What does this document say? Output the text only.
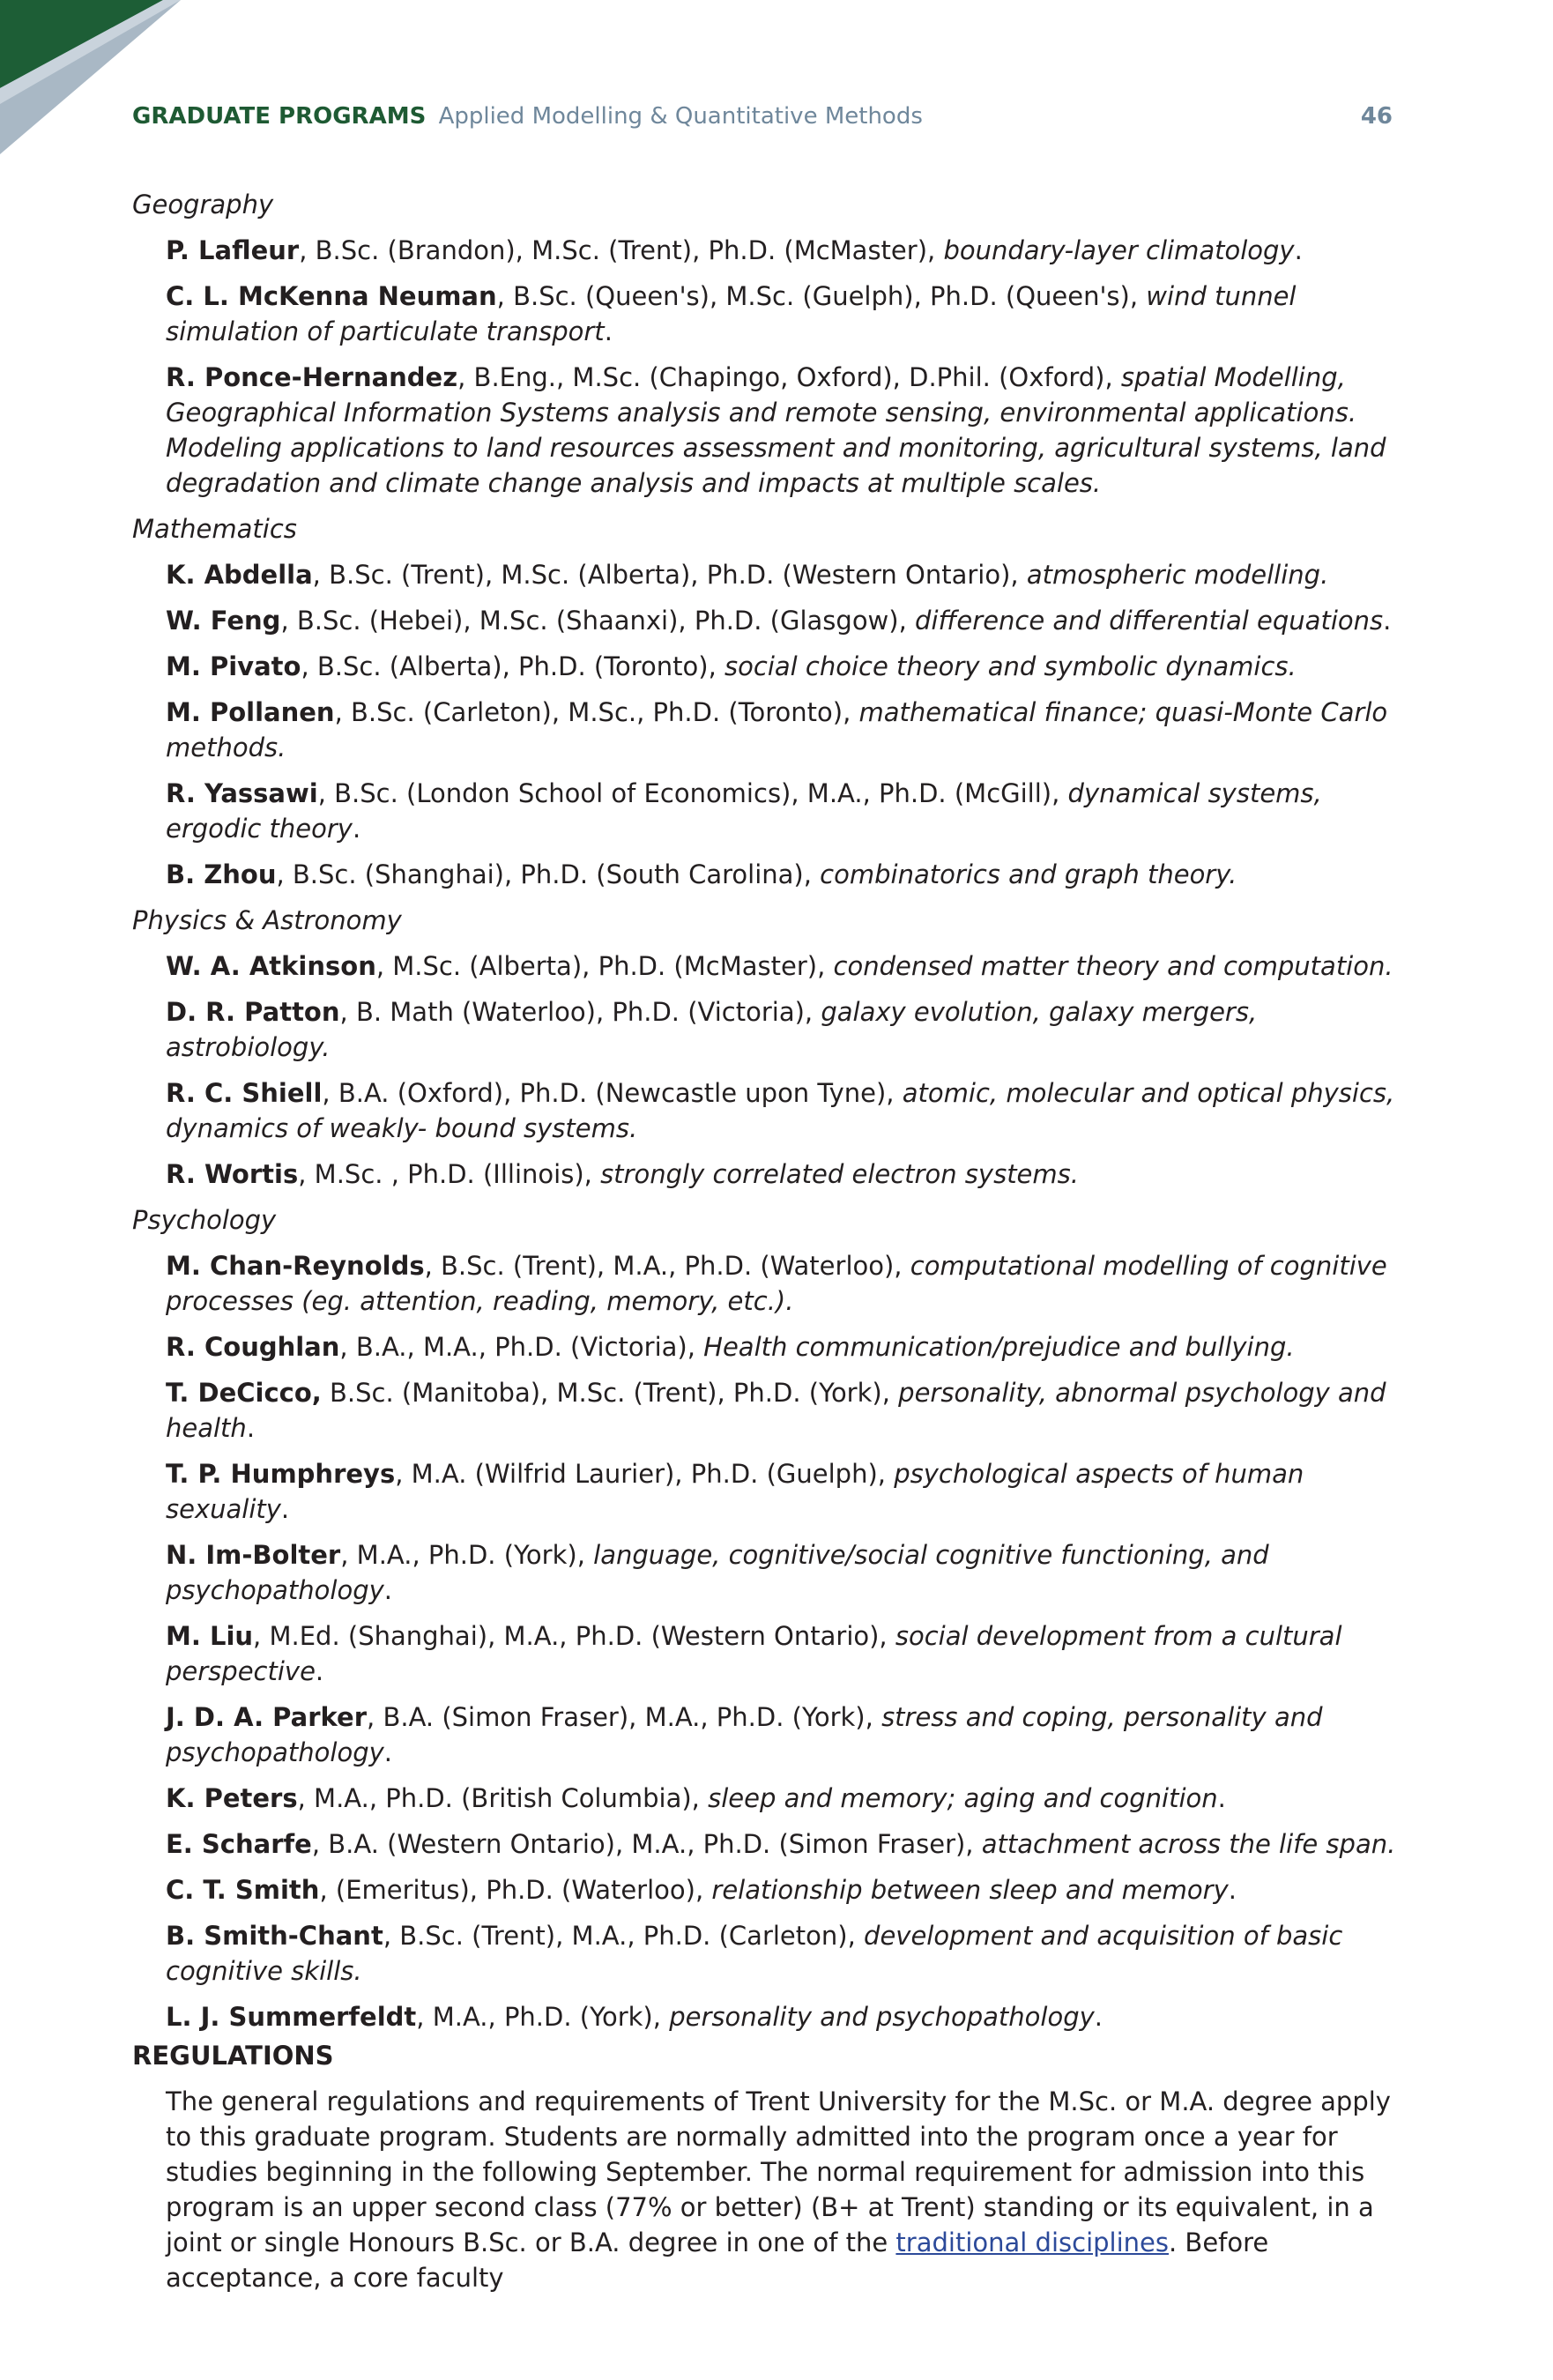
GRADUATE PROGRAMS Applied Modelling & Quantitative Methods	46
Geography
P. Lafleur, B.Sc. (Brandon), M.Sc. (Trent), Ph.D. (McMaster), boundary-layer climatology.
C. L. McKenna Neuman, B.Sc. (Queen's), M.Sc. (Guelph), Ph.D. (Queen's), wind tunnel simulation of particulate transport.
R. Ponce-Hernandez, B.Eng., M.Sc. (Chapingo, Oxford), D.Phil. (Oxford), spatial Modelling, Geographical Information Systems analysis and remote sensing, environmental applications. Modeling applications to land resources assessment and monitoring, agricultural systems, land degradation and climate change analysis and impacts at multiple scales.
Mathematics
K. Abdella, B.Sc. (Trent), M.Sc. (Alberta), Ph.D. (Western Ontario), atmospheric modelling.
W. Feng, B.Sc. (Hebei), M.Sc. (Shaanxi), Ph.D. (Glasgow), difference and differential equations.
M. Pivato, B.Sc. (Alberta), Ph.D. (Toronto), social choice theory and symbolic dynamics.
M. Pollanen, B.Sc. (Carleton), M.Sc., Ph.D. (Toronto), mathematical finance; quasi-Monte Carlo methods.
R. Yassawi, B.Sc. (London School of Economics), M.A., Ph.D. (McGill), dynamical systems, ergodic theory.
B. Zhou, B.Sc. (Shanghai), Ph.D. (South Carolina), combinatorics and graph theory.
Physics & Astronomy
W. A. Atkinson, M.Sc. (Alberta), Ph.D. (McMaster), condensed matter theory and computation.
D. R. Patton, B. Math (Waterloo), Ph.D. (Victoria), galaxy evolution, galaxy mergers, astrobiology.
R. C. Shiell, B.A. (Oxford), Ph.D. (Newcastle upon Tyne), atomic, molecular and optical physics, dynamics of weakly- bound systems.
R. Wortis, M.Sc. , Ph.D. (Illinois), strongly correlated electron systems.
Psychology
M. Chan-Reynolds, B.Sc. (Trent), M.A., Ph.D. (Waterloo), computational modelling of cognitive processes (eg. attention, reading, memory, etc.).
R. Coughlan, B.A., M.A., Ph.D. (Victoria), Health communication/prejudice and bullying.
T. DeCicco, B.Sc. (Manitoba), M.Sc. (Trent), Ph.D. (York), personality, abnormal psychology and health.
T. P. Humphreys, M.A. (Wilfrid Laurier), Ph.D. (Guelph), psychological aspects of human sexuality.
N. Im-Bolter, M.A., Ph.D. (York), language, cognitive/social cognitive functioning, and psychopathology.
M. Liu, M.Ed. (Shanghai), M.A., Ph.D. (Western Ontario), social development from a cultural perspective.
J. D. A. Parker, B.A. (Simon Fraser), M.A., Ph.D. (York), stress and coping, personality and psychopathology.
K. Peters, M.A., Ph.D. (British Columbia), sleep and memory; aging and cognition.
E. Scharfe, B.A. (Western Ontario), M.A., Ph.D. (Simon Fraser), attachment across the life span.
C. T. Smith, (Emeritus), Ph.D. (Waterloo), relationship between sleep and memory.
B. Smith-Chant, B.Sc. (Trent), M.A., Ph.D. (Carleton), development and acquisition of basic cognitive skills.
L. J. Summerfeldt, M.A., Ph.D. (York), personality and psychopathology.
REGULATIONS
The general regulations and requirements of Trent University for the M.Sc. or M.A. degree apply to this graduate program. Students are normally admitted into the program once a year for studies beginning in the following September. The normal requirement for admission into this program is an upper second class (77% or better) (B+ at Trent) standing or its equivalent, in a joint or single Honours B.Sc. or B.A. degree in one of the traditional disciplines. Before acceptance, a core faculty
